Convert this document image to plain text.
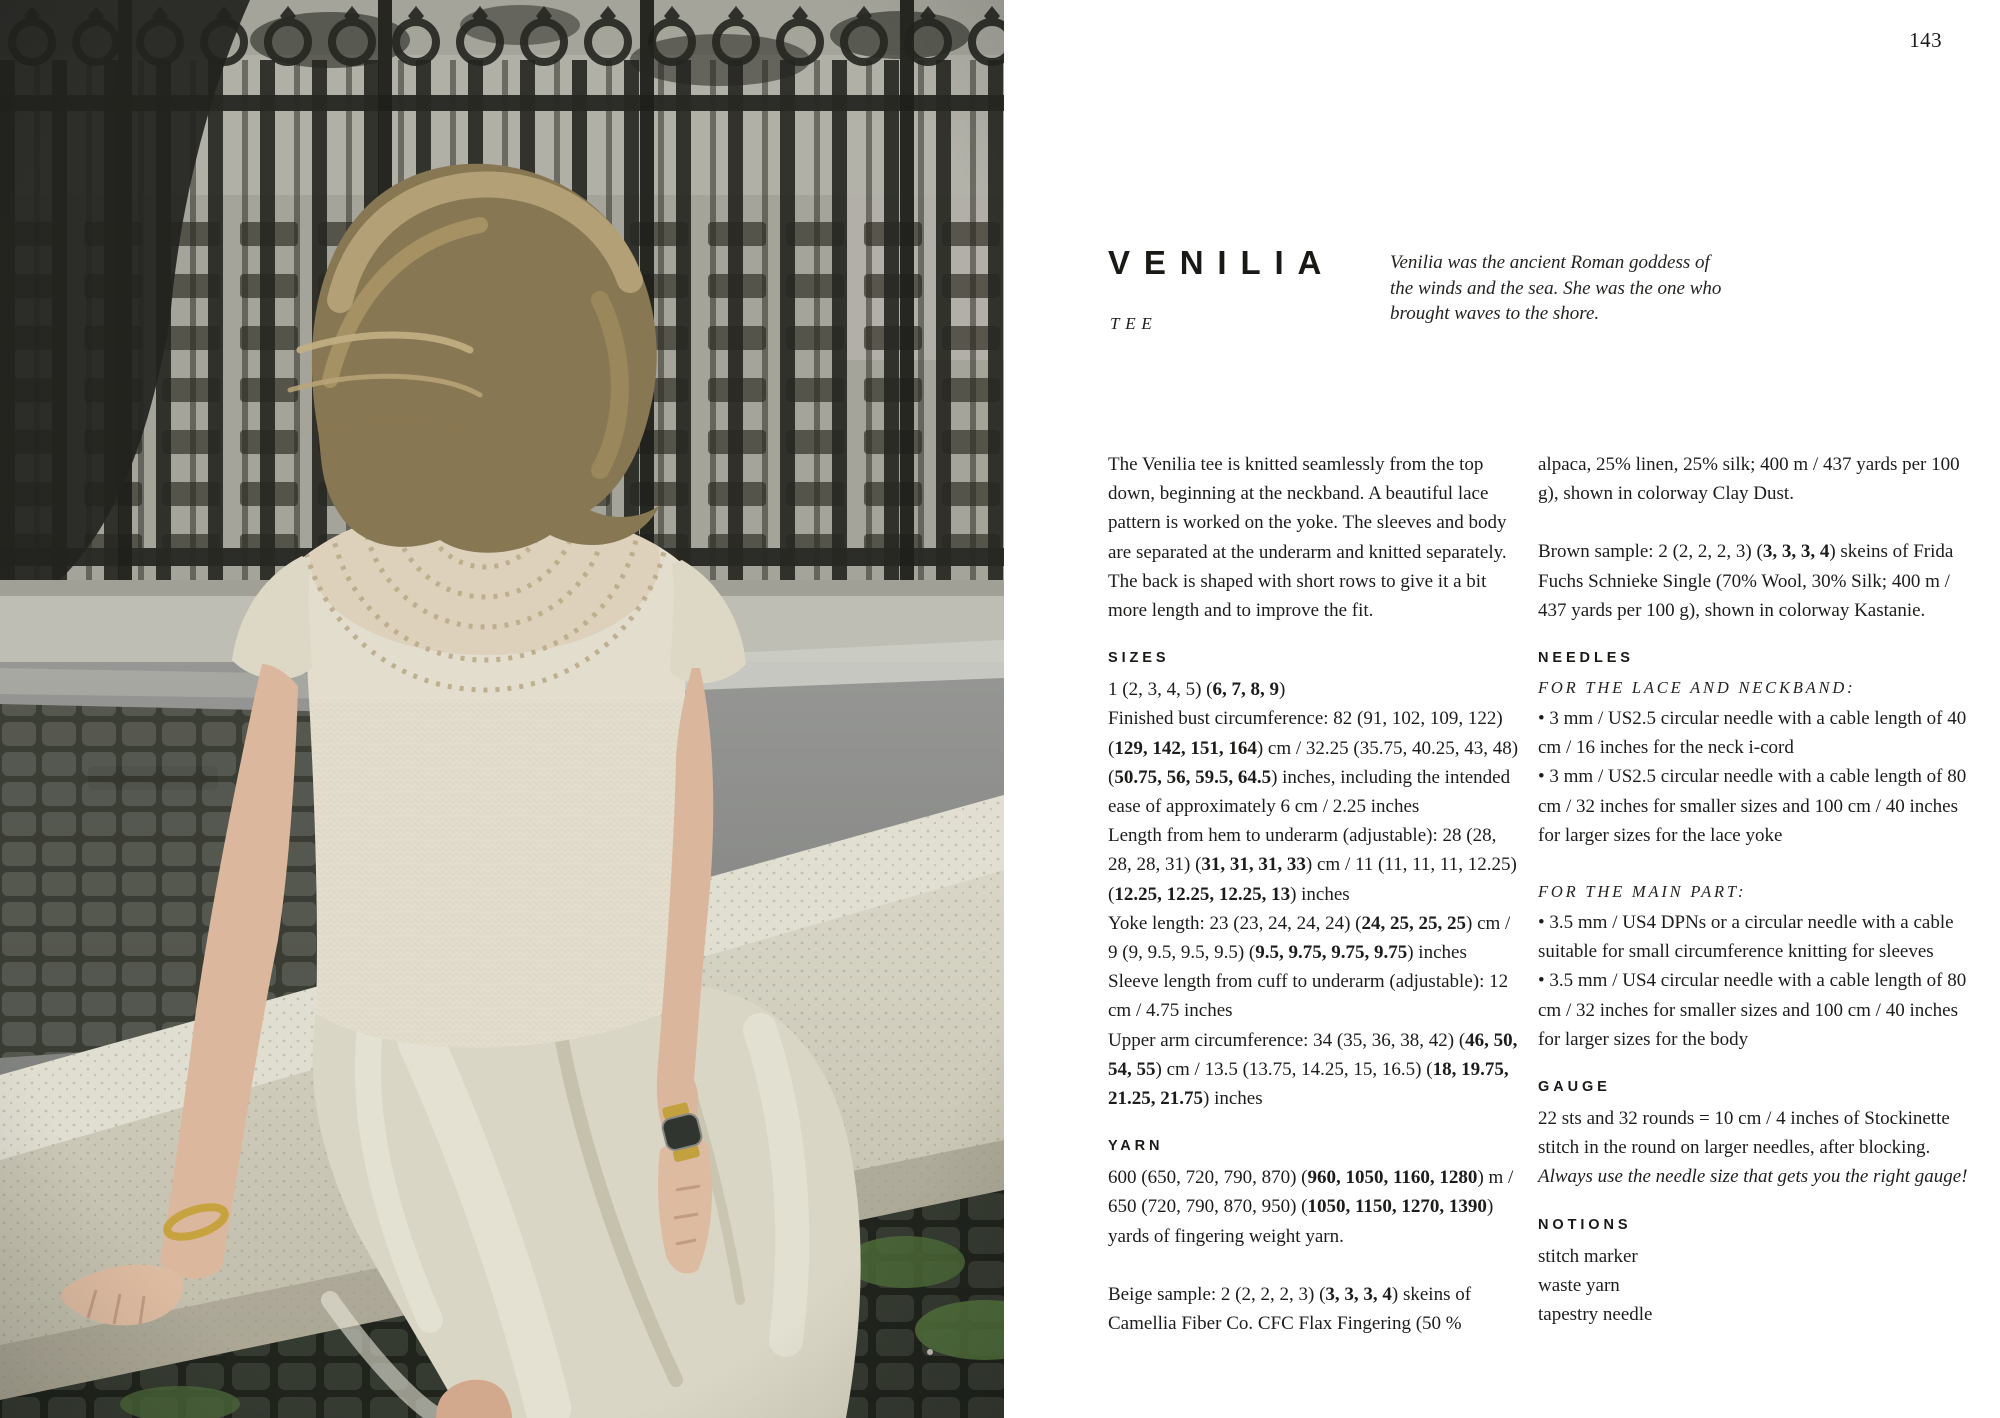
143
VENILIA
TEE
Venilia was the ancient Roman goddess of the winds and the sea. She was the one who brought waves to the shore.
The Venilia tee is knitted seamlessly from the top down, beginning at the neckband. A beautiful lace pattern is worked on the yoke. The sleeves and body are separated at the underarm and knitted separately. The back is shaped with short rows to give it a bit more length and to improve the fit.
SIZES
1 (2, 3, 4, 5) (6, 7, 8, 9)
Finished bust circumference: 82 (91, 102, 109, 122) (129, 142, 151, 164) cm / 32.25 (35.75, 40.25, 43, 48) (50.75, 56, 59.5, 64.5) inches, including the intended ease of approximately 6 cm / 2.25 inches
Length from hem to underarm (adjustable): 28 (28, 28, 28, 31) (31, 31, 31, 33) cm / 11 (11, 11, 11, 12.25) (12.25, 12.25, 12.25, 13) inches
Yoke length: 23 (23, 24, 24, 24) (24, 25, 25, 25) cm / 9 (9, 9.5, 9.5, 9.5) (9.5, 9.75, 9.75, 9.75) inches
Sleeve length from cuff to underarm (adjustable): 12 cm / 4.75 inches
Upper arm circumference: 34 (35, 36, 38, 42) (46, 50, 54, 55) cm / 13.5 (13.75, 14.25, 15, 16.5) (18, 19.75, 21.25, 21.75) inches
YARN
600 (650, 720, 790, 870) (960, 1050, 1160, 1280) m / 650 (720, 790, 870, 950) (1050, 1150, 1270, 1390) yards of fingering weight yarn.
Beige sample: 2 (2, 2, 2, 3) (3, 3, 3, 4) skeins of Camellia Fiber Co. CFC Flax Fingering (50 %
alpaca, 25% linen, 25% silk; 400 m / 437 yards per 100 g), shown in colorway Clay Dust.
Brown sample: 2 (2, 2, 2, 3) (3, 3, 3, 4) skeins of Frida Fuchs Schnieke Single (70% Wool, 30% Silk; 400 m / 437 yards per 100 g), shown in colorway Kastanie.
NEEDLES
FOR THE LACE AND NECKBAND:
• 3 mm / US2.5 circular needle with a cable length of 40 cm / 16 inches for the neck i-cord
• 3 mm / US2.5 circular needle with a cable length of 80 cm / 32 inches for smaller sizes and 100 cm / 40 inches for larger sizes for the lace yoke
FOR THE MAIN PART:
• 3.5 mm / US4 DPNs or a circular needle with a cable suitable for small circumference knitting for sleeves
• 3.5 mm / US4 circular needle with a cable length of 80 cm / 32 inches for smaller sizes and 100 cm / 40 inches for larger sizes for the body
GAUGE
22 sts and 32 rounds = 10 cm / 4 inches of Stockinette stitch in the round on larger needles, after blocking. Always use the needle size that gets you the right gauge!
NOTIONS
stitch marker
waste yarn
tapestry needle
